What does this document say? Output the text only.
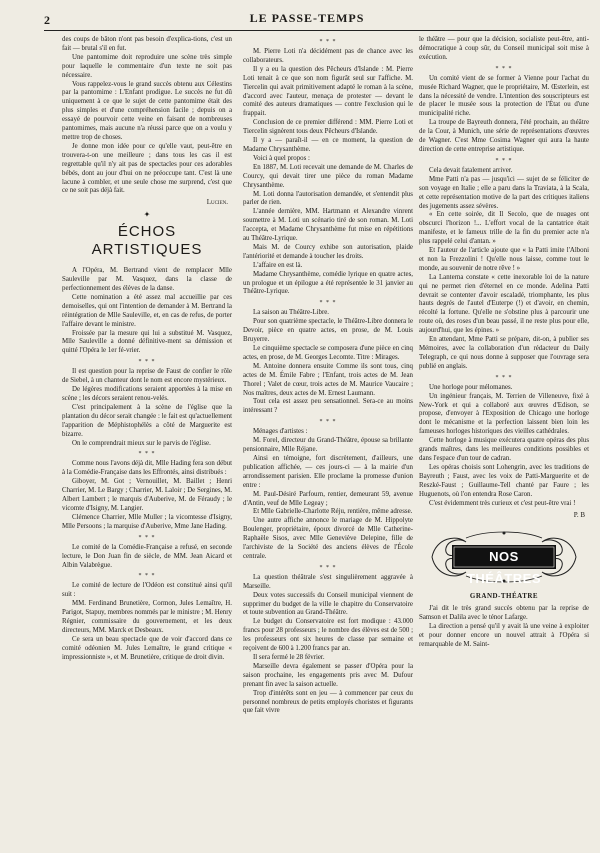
2	LE PASSE-TEMPS

des coups de bâton n'ont pas besoin d'explica-tions, c'est un fait — brutal s'il en fut.

Une pantomime doit reproduire une scène très simple pour laquelle le commentaire d'un texte ne soit pas nécessaire.

Vous rappelez-vous le grand succès obtenu aux Célestins par la pantomime : L'Enfant prodigue. Le succès ne fut dû uniquement à ce que le sujet de cette pantomime était des plus simples et d'une compréhension facile ; depuis on a essayé de pourvoir cette veine en faisant de nombreuses pantomimes, mais aucune n'a réussi parce que on a voulu y mettre trop de choses.

Je donne mon idée pour ce qu'elle vaut, peut-être en trouvera-t-on une meilleure ; dans tous les cas il est regrettable qu'il n'y ait pas de spectacles pour ces adorables bébés, dont au jour d'hui on ne préoccupe tant. C'est là une lacune à combler, et une seule chose me surprend, c'est que ce ne soit pas déjà fait.

Lucien.
✦
ÉCHOS ARTISTIQUES

A l'Opéra, M. Bertrand vient de remplacer Mlle Sauleville par M. Vasquez, dans la classe de perfectionnement des élèves de la danse.

Cette nomination a été assez mal accueillie par ces demoiselles, qui ont l'intention de demander à M. Bertrand la réintégration de Mlle Sauleville, et, en cas de refus, de porter l'affaire devant le ministre.

Froissée par la mesure qui lui a substitué M. Vasquez, Mlle Sauleville a donné définitive-ment sa démission et quitté l'Opéra le 1er fé-vrier.

* * *

Il est question pour la reprise de Faust de confier le rôle de Siebel, à un chanteur dont le nom est encore mystérieux.

De légères modifications seraient apportées à la mise en scène ; les décors seraient renou-velés.

C'est principalement à la scène de l'église que la plantation du décor serait changée : le fait est qu'actuellement l'apparition de Méphistophélès a côté de Marguerite est bizarre.

On le comprendrait mieux sur le parvis de l'église.

* * *

Comme nous l'avons déjà dit, Mlle Hading fera son début à la Comédie-Française dans les Effrontés, ainsi distribués :

Giboyer, M. Got ; Vernouillet, M. Baillet ; Henri Charrier, M. Le Bargy ; Charrier, M. Laloir ; De Sergines, M. Albert Lambert ; le marquis d'Auberive, M. de Féraudy ; le vicomte d'Isigny, M. Langier.

Clémence Charrier, Mlle Muller ; la vicomtesse d'Isigny, Mlle Persoons ; la marquise d'Auberive, Mme Jane Hading.

* * *

Le comité de la Comédie-Française a refusé, en seconde lecture, le Don Juan fin de siècle, de MM. Jean Aicard et Albin Valabrègue.

* * *

Le comité de lecture de l'Odéon est constitué ainsi qu'il suit :

MM. Ferdinand Brunetière, Cormon, Jules Lemaître, H. Parigot, Stapuy, membres nommés par le ministre ; M. Henry Régnier, commissaire du gouvernement, et les deux directeurs, MM. Marck et Desbeaux.

Ce sera un beau spectacle que de voir d'accord dans ce comité odéonien M. Jules Lemaître, le grand critique « impressionniste », et M. Brunetière, critique de droit divin.

* * *

M. Pierre Loti n'a décidément pas de chance avec les collaborateurs.

Il y a eu la question des Pêcheurs d'Islande : M. Pierre Loti tenait à ce que son nom figurât seul sur l'affiche. M. Tiercelin qui avait primitivement adapté le roman à la scène, d'accord avec l'auteur, menaça de protester — devant le comité des auteurs dramatiques — contre l'exclusion qui le frappait.

Conclusion de ce premier différend : MM. Pierre Loti et Tiercelin signèrent tous deux Pêcheurs d'Islande.

Il y a — paraît-il — en ce moment, la question de Madame Chrysanthème.

Voici à quel propos :

En 1887, M. Loti recevait une demande de M. Charles de Courcy, qui devait tirer une pièce du roman Madame Chrysanthème.

M. Loti donna l'autorisation demandée, et s'entendit plus parler de rien.

L'année dernière, MM. Hartmann et Alexandre vinrent soumettre à M. Loti un scénario tiré de son roman. M. Loti l'accepta, et Madame Chrysanthème fut mise en répétitions au Théâtre-Lyrique.

Mais M. de Courcy exhibe son autorisation, plaide l'antériorité et demande à toucher les droits.

L'affaire en est là.

Madame Chrysanthème, comédie lyrique en quatre actes, un prologue et un épilogue a été représentée le 31 janvier au Théâtre-Lyrique.

* * *

La saison au Théâtre-Libre.

Pour son quatrième spectacle, le Théâtre-Libre donnera le Devoir, pièce en quatre actes, en prose, de M. Louis Bruyerre.

Le cinquième spectacle se composera d'une pièce en cinq actes, en prose, de M. Georges Lecomte. Titre : Mirages.

M. Antoine donnera ensuite Comme ils sont tous, cinq actes de M. Émile Fabre ; l'Enfant, trois actes de M. Jean Thorel ; Valet de cœur, trois actes de M. Maurice Vaucaire ; Nos maîtres, deux actes de M. Ernest Laumann.

Tout cela est assez peu sensationnel. Sera-ce au moins intéressant ?

* * *

Ménages d'artistes :

M. Forel, directeur du Grand-Théâtre, épouse sa brillante pensionnaire, Mlle Réjane.

Ainsi en témoigne, fort discrètement, d'ailleurs, une publication affichée, — ces jours-ci — à la mairie d'un arrondissement parisien. Elle proclame la promesse d'union entre :

M. Paul-Désiré Parfourn, rentier, demeurant 59, avenue d'Antin, veuf de Mlle Legeay ;

Et Mlle Gabrielle-Charlotte Réju, rentière, même adresse.

Une autre affiche annonce le mariage de M. Hippolyte Boulenger, propriétaire, époux divorcé de Mlle Catherine-Raphaële Sisos, avec Mlle Geneviève Delepine, fille de l'archiviste de la Société des anciens élèves de l'École centrale.

* * *

La question théâtrale s'est singulièrement aggravée à Marseille.

Deux votes successifs du Conseil municipal viennent de supprimer du budget de la ville le chapitre du Conservatoire et toute subvention au Grand-Théâtre.

Le budget du Conservatoire est fort modique : 43.000 francs pour 28 professeurs ; le nombre des élèves est de 500 ; les professeurs ont six heures de classe par semaine et reçoivent de 600 à 1.200 francs par an.

Il sera fermé le 28 février.

Marseille devra également se passer d'Opéra pour la saison prochaine, les engagements pris avec M. Dufour prenant fin avec la saison actuelle.

Trop d'intérêts sont en jeu — à commencer par ceux du personnel nombreux de petits employés choristes et figurants que fait vivre

le théâtre — pour que la décision, socialiste peut-être, anti-démocratique à coup sûr, du Conseil municipal soit mise à exécution.

* * *

Un comité vient de se former à Vienne pour l'achat du musée Richard Wagner, que le propriétaire, M. Œsterlein, est dans la nécessité de vendre. L'intention des souscripteurs est de placer le musée sous la protection de l'État ou d'une municipalité riche.

La troupe de Bayreuth donnera, l'été prochain, au théâtre de la Cour, à Munich, une série de représentations d'œuvres de Wagner. C'est Mme Cosima Wagner qui aura la haute direction de cette entreprise artistique.

* * *

Cela devait fatalement arriver.

Mme Patti n'a pas — jusqu'ici — sujet de se féliciter de son voyage en Italie ; elle a paru dans la Traviata, à la Scala, et cette représentation motive de la part des critiques italiens des jugements assez sévères.

« En cette soirée, dit Il Secolo, que de nuages ont obscurci l'horizon !... L'effort vocal de la cantatrice était manifeste, et le fameux trille de la fin du premier acte n'a plus rappelé celui d'antan. »

Et l'auteur de l'article ajoute que « la Patti imite l'Alboni et non la Frezzolini ! Qu'elle nous laisse, comme tout le monde, au souvenir de notre rêve ! »

La Lanterna constate « cette inexorable loi de la nature qui ne permet rien d'éternel en ce monde. Adelina Patti devrait se contenter d'avoir escaladé, triomphante, les plus hauts degrés de l'autel d'Euterpe (!) et d'avoir, en chemin, récolté la fortune. Qu'elle ne s'obstine plus à parcourir une route où, des roses d'un beau passé, il ne reste plus pour elle, aujourd'hui, que les épines. »

En attendant, Mme Patti se prépare, dit-on, à publier ses Mémoires, avec la collaboration d'un rédacteur du Daily Telegraph, ce qui nous donne à supposer que l'ouvrage sera publié en anglais.

* * *

Une horloge pour mélomanes.

Un ingénieur français, M. Terrien de Villeneuve, fixé à New-York et qui a collaboré aux œuvres d'Edison, se propose, d'envoyer à l'Exposition de Chicago une horloge dont le mécanisme et la perfection laissent bien loin les fameuses horloges historiques des vieilles cathédrales.

Cette horloge à musique exécutera quatre opéras des plus grands maîtres, dans les meilleures conditions possibles et dans l'espace d'un tour de cadran.

Les opéras choisis sont Lohengrin, avec les traditions de Bayreuth ; Faust, avec les voix de Patti-Marguerite et de Reszké-Faust ; Guillaume-Tell chanté par Faure ; les Huguenots, où l'on entendra Rose Caron.

C'est évidemment très curieux et c'est peut-être vrai !

P. B
NOS THÉÂTRES
GRAND-THÉATRE

J'ai dit le très grand succès obtenu par la reprise de Samson et Dalila avec le ténor Lafarge.

La direction a pensé qu'il y avait là une veine à exploiter et pour donner encore un nouvel attrait à l'Opéra si remarquable de M. Saint-
